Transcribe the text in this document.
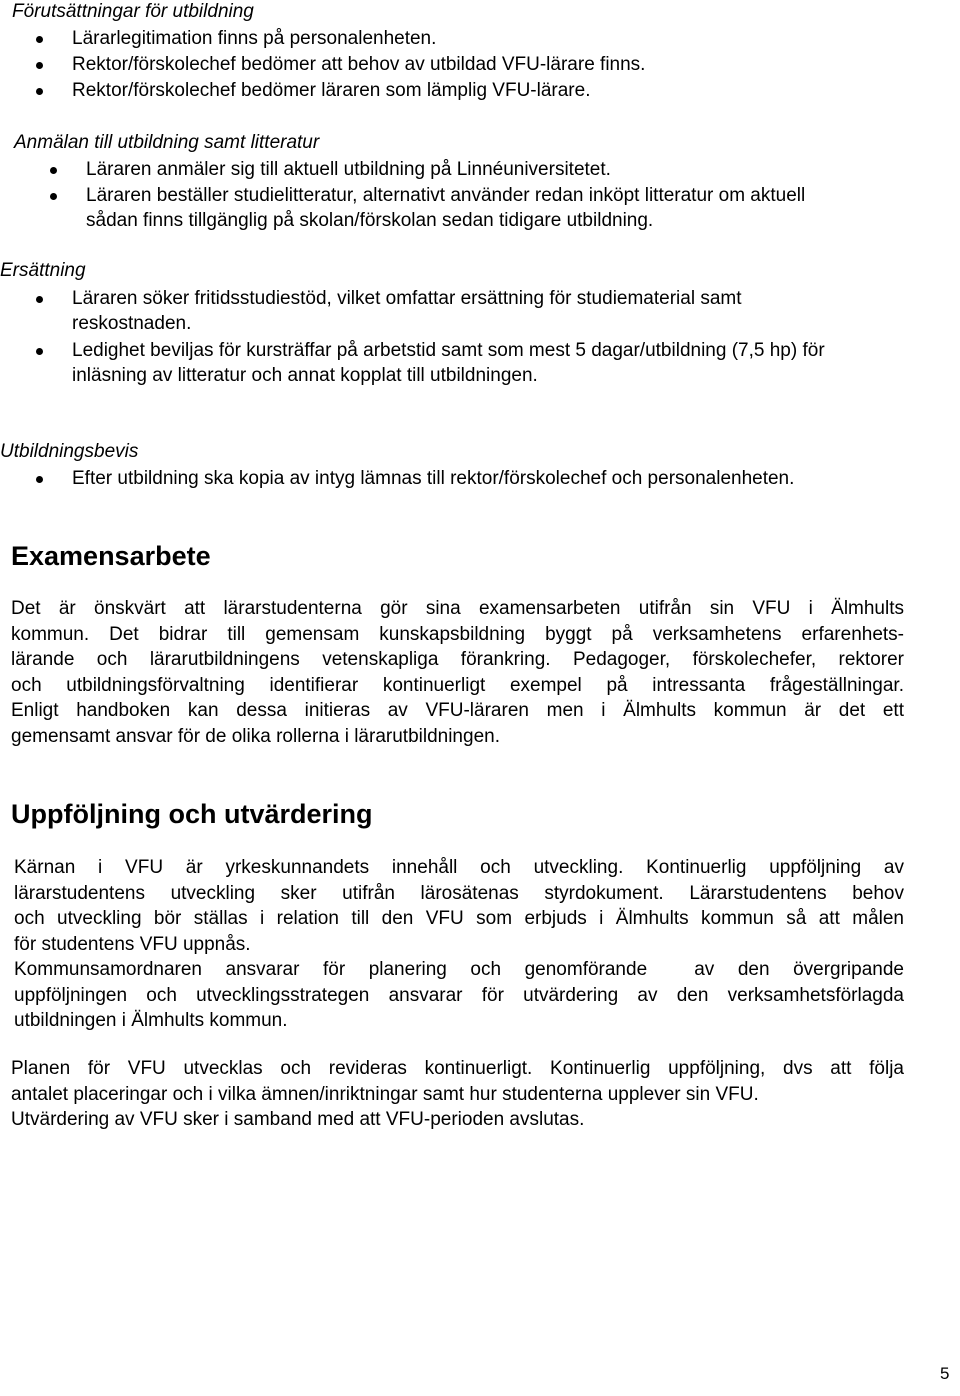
Förutsättningar för utbildning
Lärarlegitimation finns på personalenheten.
Rektor/förskolechef bedömer att behov av utbildad VFU-lärare finns.
Rektor/förskolechef bedömer läraren som lämplig VFU-lärare.
Anmälan till utbildning samt litteratur
Läraren anmäler sig till aktuell utbildning på Linnéuniversitetet.
Läraren beställer studielitteratur, alternativt använder redan inköpt litteratur om aktuell
sådan finns tillgänglig på skolan/förskolan sedan tidigare utbildning.
Ersättning
Läraren söker fritidsstudiestöd, vilket omfattar ersättning för studiematerial samt
reskostnaden.
Ledighet beviljas för kursträffar på arbetstid samt som mest 5 dagar/utbildning (7,5 hp) för
inläsning av litteratur och annat kopplat till utbildningen.
Utbildningsbevis
Efter utbildning ska kopia av intyg lämnas till rektor/förskolechef och personalenheten.
Examensarbete
Det är önskvärt att lärarstudenterna gör sina examensarbeten utifrån sin VFU i Älmhults
kommun. Det bidrar till gemensam kunskapsbildning byggt på verksamhetens erfarenhets-
lärande och lärarutbildningens vetenskapliga förankring. Pedagoger, förskolechefer, rektorer
och utbildningsförvaltning identifierar kontinuerligt exempel på intressanta frågeställningar.
Enligt handboken kan dessa initieras av VFU-läraren men i Älmhults kommun är det ett
gemensamt ansvar för de olika rollerna i lärarutbildningen.
Uppföljning och utvärdering
Kärnan i VFU är yrkeskunnandets innehåll och utveckling. Kontinuerlig uppföljning av
lärarstudentens utveckling sker utifrån lärosätenas styrdokument. Lärarstudentens behov
och utveckling bör ställas i relation till den VFU som erbjuds i Älmhults kommun så att målen
för studentens VFU uppnås.
Kommunsamordnaren ansvarar för planering och genomförande  av den övergripande
uppföljningen och utvecklingsstrategen ansvarar för utvärdering av den verksamhetsförlagda
utbildningen i Älmhults kommun.
Planen för VFU utvecklas och revideras kontinuerligt. Kontinuerlig uppföljning, dvs att följa
antalet placeringar och i vilka ämnen/inriktningar samt hur studenterna upplever sin VFU.
Utvärdering av VFU sker i samband med att VFU-perioden avslutas.
5
